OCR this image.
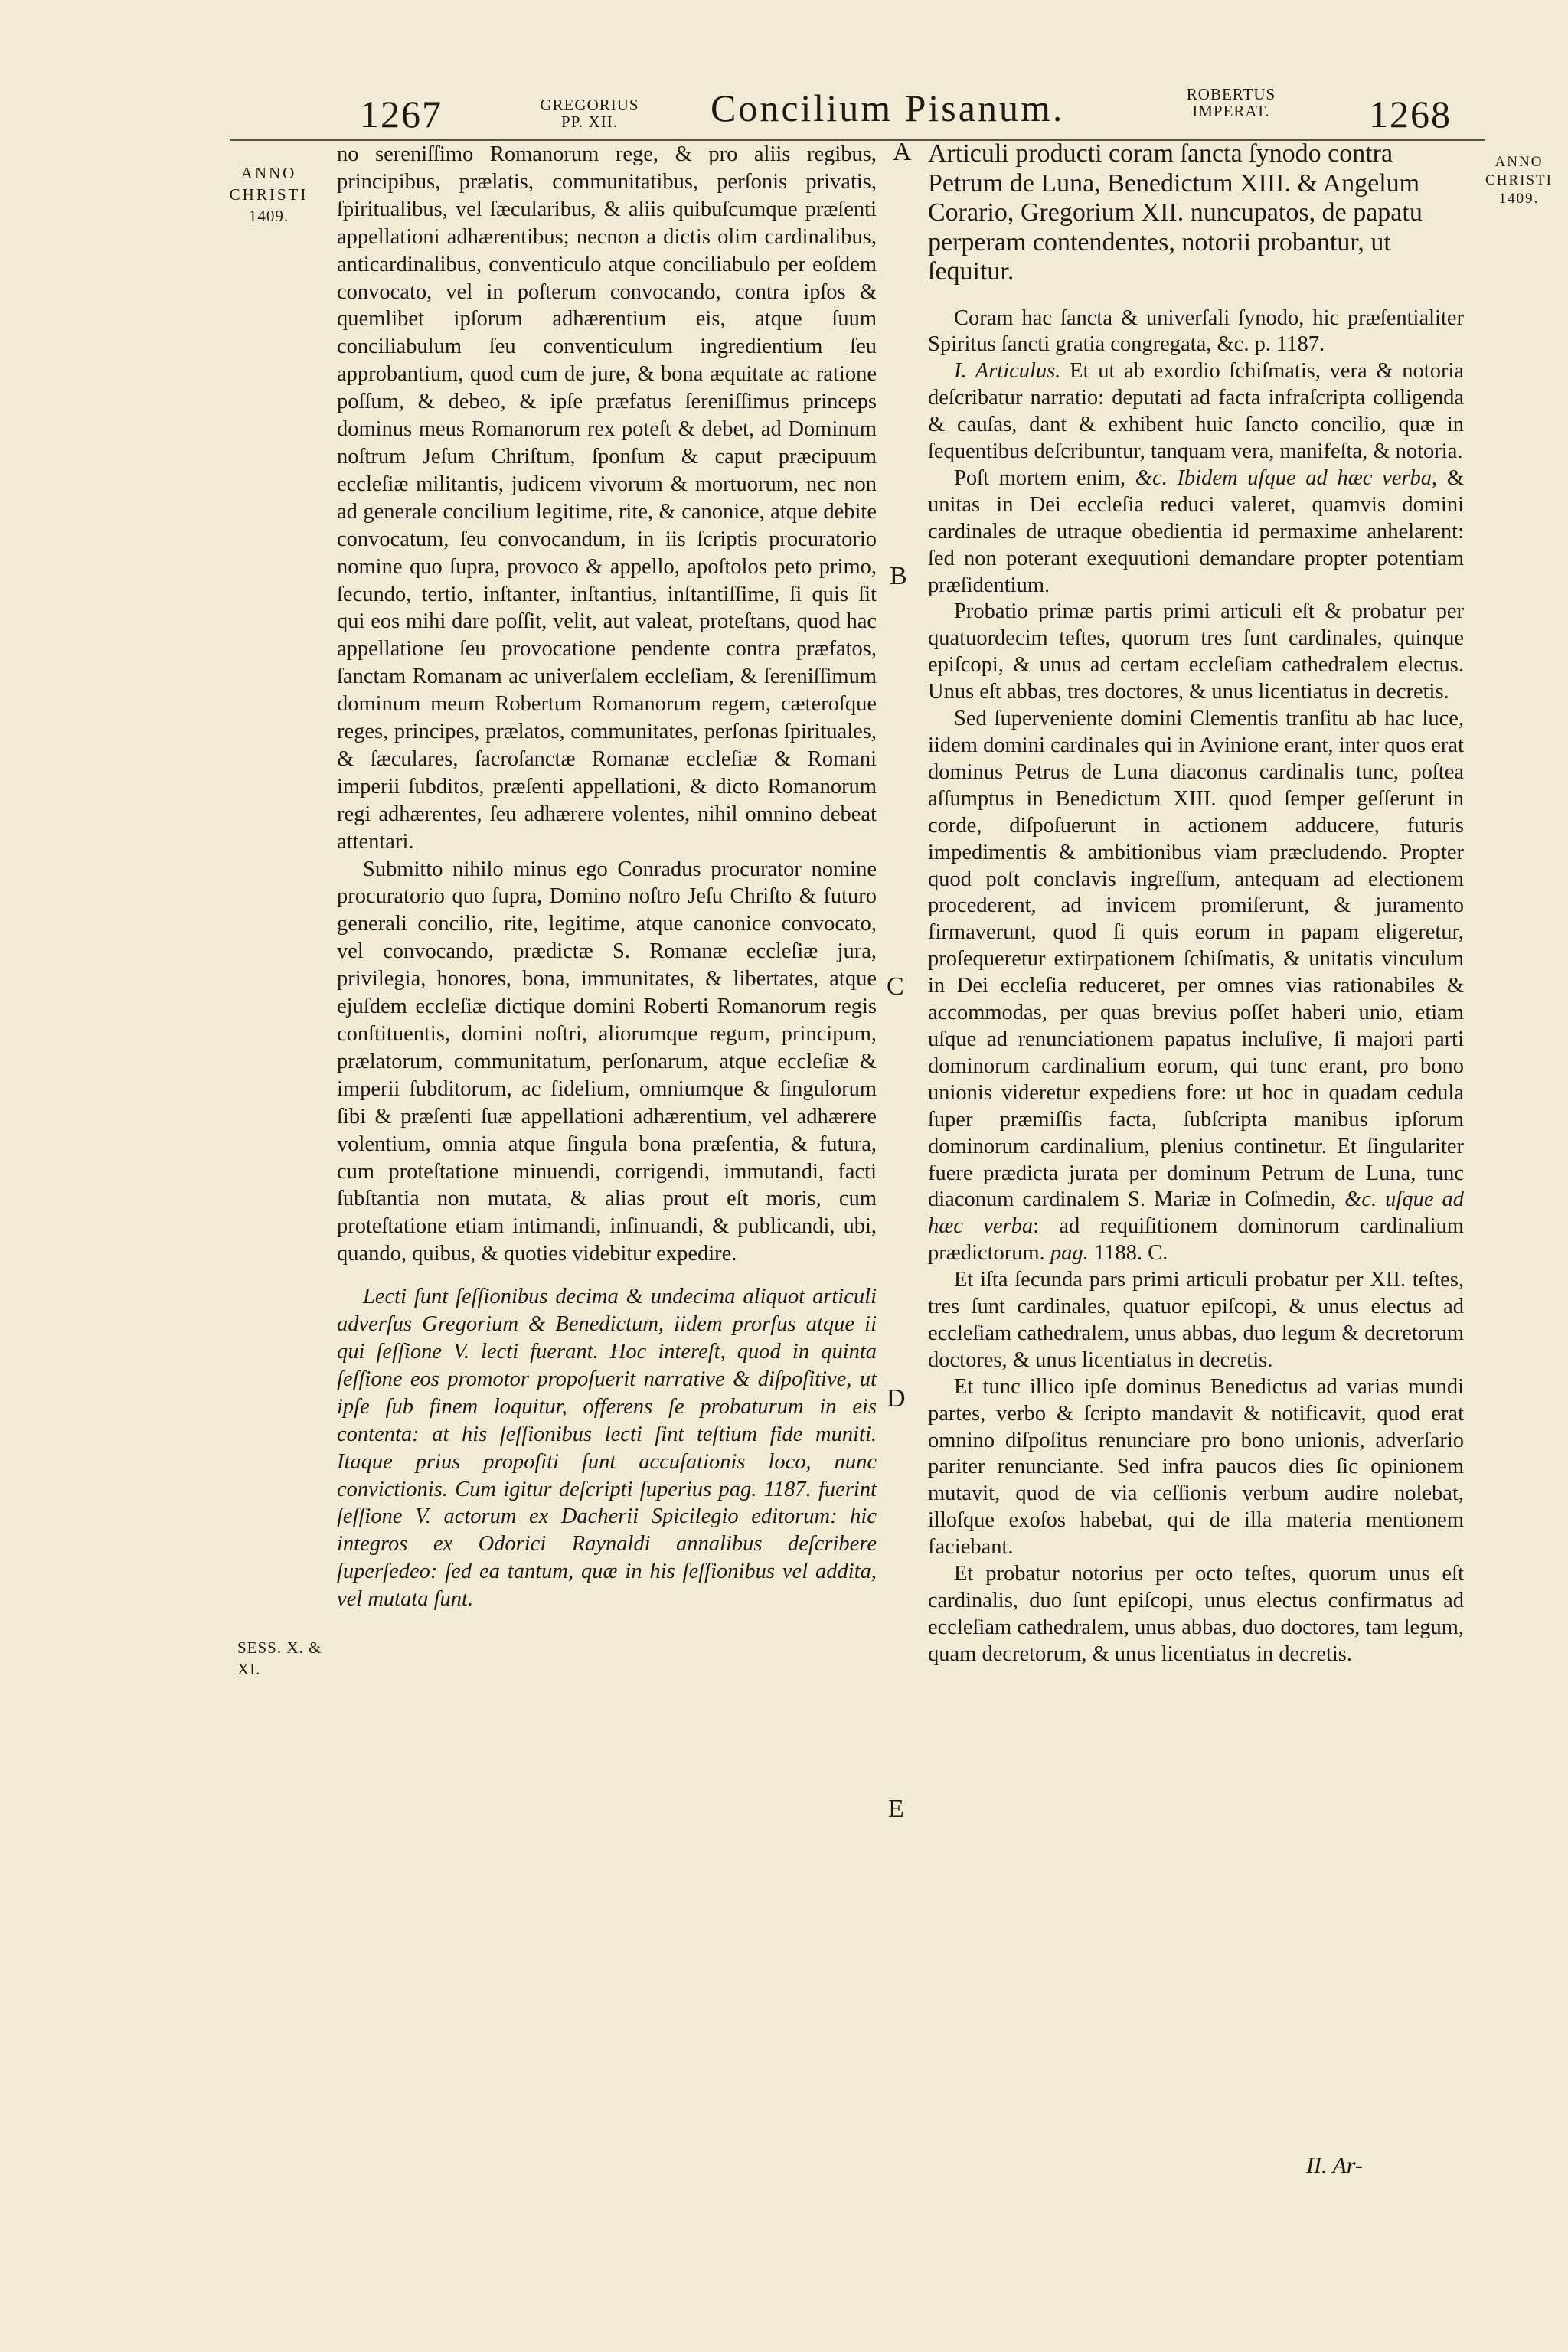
1267	GREGORIUS
PP. XII.	Concilium Pisanum.	ROBERTUS
IMPERAT.	1268
ANNO
CHRISTI
1409.
SESS. X. &
XI.
ANNO
CHRISTI
1409.
A
B
C
D
E

no sereniſſimo Romanorum rege, & pro aliis regibus, principibus, prælatis, communitatibus, perſonis privatis, ſpiritualibus, vel ſæcularibus, & aliis quibuſcumque præſenti appellationi adhærentibus; necnon a dictis olim cardinalibus, anticardinalibus, conventiculo atque conciliabulo per eoſdem convocato, vel in poſterum convocando, contra ipſos & quemlibet ipſorum adhærentium eis, atque ſuum conciliabulum ſeu conventiculum ingredientium ſeu approbantium, quod cum de jure, & bona æquitate ac ratione poſſum, & debeo, & ipſe præfatus ſereniſſimus princeps dominus meus Romanorum rex poteſt & debet, ad Dominum noſtrum Jeſum Chriſtum, ſponſum & caput præcipuum eccleſiæ militantis, judicem vivorum & mortuorum, nec non ad generale concilium legitime, rite, & canonice, atque debite convocatum, ſeu convocandum, in iis ſcriptis procuratorio nomine quo ſupra, provoco & appello, apoſtolos peto primo, ſecundo, tertio, inſtanter, inſtantius, inſtantiſſime, ſi quis ſit qui eos mihi dare poſſit, velit, aut valeat, proteſtans, quod hac appellatione ſeu provocatione pendente contra præfatos, ſanctam Romanam ac univerſalem eccleſiam, & ſereniſſimum dominum meum Robertum Romanorum regem, cæteroſque reges, principes, prælatos, communitates, perſonas ſpirituales, & ſæculares, ſacroſanctæ Romanæ eccleſiæ & Romani imperii ſubditos, præſenti appellationi, & dicto Romanorum regi adhærentes, ſeu adhærere volentes, nihil omnino debeat attentari.

Submitto nihilo minus ego Conradus procurator nomine procuratorio quo ſupra, Domino noſtro Jeſu Chriſto & futuro generali concilio, rite, legitime, atque canonice convocato, vel convocando, prædictæ S. Romanæ eccleſiæ jura, privilegia, honores, bona, immunitates, & libertates, atque ejuſdem eccleſiæ dictique domini Roberti Romanorum regis conſtituentis, domini noſtri, aliorumque regum, principum, prælatorum, communitatum, perſonarum, atque eccleſiæ & imperii ſubditorum, ac fidelium, omniumque & ſingulorum ſibi & præſenti ſuæ appellationi adhærentium, vel adhærere volentium, omnia atque ſingula bona præſentia, & futura, cum proteſtatione minuendi, corrigendi, immutandi, facti ſubſtantia non mutata, & alias prout eſt moris, cum proteſtatione etiam intimandi, inſinuandi, & publicandi, ubi, quando, quibus, & quoties videbitur expedire.

Lecti ſunt ſeſſionibus decima & undecima aliquot articuli adverſus Gregorium & Benedictum, iidem prorſus atque ii qui ſeſſione V. lecti fuerant. Hoc intereſt, quod in quinta ſeſſione eos promotor propoſuerit narrative & diſpoſitive, ut ipſe ſub finem loquitur, offerens ſe probaturum in eis contenta: at his ſeſſionibus lecti ſint teſtium fide muniti. Itaque prius propoſiti ſunt accuſationis loco, nunc convictionis. Cum igitur deſcripti ſuperius pag. 1187. fuerint ſeſſione V. actorum ex Dacherii Spicilegio editorum: hic integros ex Odorici Raynaldi annalibus deſcribere ſuperſedeo: ſed ea tantum, quæ in his ſeſſionibus vel addita, vel mutata ſunt.

Articuli producti coram ſancta ſynodo contra Petrum de Luna, Benedictum XIII. & Angelum Corario, Gregorium XII. nuncupatos, de papatu perperam contendentes, notorii probantur, ut ſequitur.

Coram hac ſancta & univerſali ſynodo, hic præſentialiter Spiritus ſancti gratia congregata, &c. p. 1187.

I. Articulus. Et ut ab exordio ſchiſmatis, vera & notoria deſcribatur narratio: deputati ad facta infraſcripta colligenda & cauſas, dant & exhibent huic ſancto concilio, quæ in ſequentibus deſcribuntur, tanquam vera, manifeſta, & notoria.

Poſt mortem enim, &c. Ibidem uſque ad hæc verba, & unitas in Dei eccleſia reduci valeret, quamvis domini cardinales de utraque obedientia id permaxime anhelarent: ſed non poterant exequutioni demandare propter potentiam præſidentium.

Probatio primæ partis primi articuli eſt & probatur per quatuordecim teſtes, quorum tres ſunt cardinales, quinque epiſcopi, & unus ad certam eccleſiam cathedralem electus. Unus eſt abbas, tres doctores, & unus licentiatus in decretis.

Sed ſuperveniente domini Clementis tranſitu ab hac luce, iidem domini cardinales qui in Avinione erant, inter quos erat dominus Petrus de Luna diaconus cardinalis tunc, poſtea aſſumptus in Benedictum XIII. quod ſemper geſſerunt in corde, diſpoſuerunt in actionem adducere, futuris impedimentis & ambitionibus viam præcludendo. Propter quod poſt conclavis ingreſſum, antequam ad electionem procederent, ad invicem promiſerunt, & juramento firmaverunt, quod ſi quis eorum in papam eligeretur, proſequeretur extirpationem ſchiſmatis, & unitatis vinculum in Dei eccleſia reduceret, per omnes vias rationabiles & accommodas, per quas brevius poſſet haberi unio, etiam uſque ad renunciationem papatus incluſive, ſi majori parti dominorum cardinalium eorum, qui tunc erant, pro bono unionis videretur expediens fore: ut hoc in quadam cedula ſuper præmiſſis facta, ſubſcripta manibus ipſorum dominorum cardinalium, plenius continetur. Et ſingulariter fuere prædicta jurata per dominum Petrum de Luna, tunc diaconum cardinalem S. Mariæ in Coſmedin, &c. uſque ad hæc verba: ad requiſitionem dominorum cardinalium prædictorum. pag. 1188. C.

Et iſta ſecunda pars primi articuli probatur per XII. teſtes, tres ſunt cardinales, quatuor epiſcopi, & unus electus ad eccleſiam cathedralem, unus abbas, duo legum & decretorum doctores, & unus licentiatus in decretis.

Et tunc illico ipſe dominus Benedictus ad varias mundi partes, verbo & ſcripto mandavit & notificavit, quod erat omnino diſpoſitus renunciare pro bono unionis, adverſario pariter renunciante. Sed infra paucos dies ſic opinionem mutavit, quod de via ceſſionis verbum audire nolebat, illoſque exoſos habebat, qui de illa materia mentionem faciebant.

Et probatur notorius per octo teſtes, quorum unus eſt cardinalis, duo ſunt epiſcopi, unus electus confirmatus ad eccleſiam cathedralem, unus abbas, duo doctores, tam legum, quam decretorum, & unus licentiatus in decretis.

II. Ar-
